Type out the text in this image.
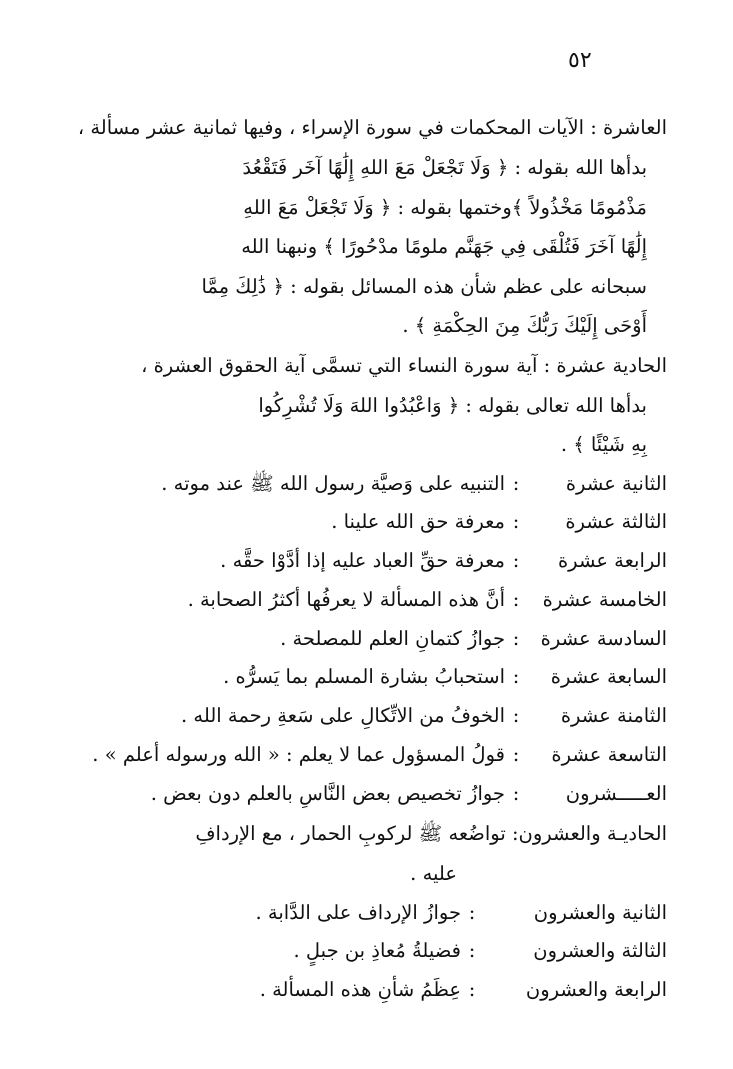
٥٢
العاشرة : الآيات المحكمات في سورة الإسراء ، وفيها ثمانية عشر مسألة ،
بدأها الله بقوله : ﴿ وَلَا تَجْعَلْ مَعَ اللهِ إِلَٰهًا آخَر فَتَقْعُدَ
مَذْمُومًا مَخْذُولاً ﴾وختمها بقوله : ﴿ وَلَا تَجْعَلْ مَعَ اللهِ
إِلَٰهًا آخَرَ فَتُلْقَى فِي جَهَنَّم ملومًا مدْحُورًا ﴾ ونبهنا الله
سبحانه على عظم شأن هذه المسائل بقوله : ﴿ ذَٰلِكَ مِمَّا
أَوْحَى إِلَيْكَ رَبُّكَ مِنَ الحِكْمَةِ ﴾ .
الحادية عشرة : آية سورة النساء التي تسمَّى آية الحقوق العشرة ،
بدأها الله تعالى بقوله : ﴿ وَاعْبُدُوا اللهَ وَلَا تُشْرِكُوا
بِهِ شَيْئًا ﴾ .
الثانية عشرة
:
التنبيه على وَصيَّة رسول الله ﷺ عند موته .
الثالثة عشرة
:
معرفة حق الله علينا .
الرابعة عشرة
:
معرفة حقِّ العباد عليه إذا أدَّوْا حقَّه .
الخامسة عشرة
:
أنَّ هذه المسألة لا يعرفُها أكثرُ الصحابة .
السادسة عشرة
:
جوازُ كتمانِ العلم للمصلحة .
السابعة عشرة
:
استحبابُ بشارة المسلم بما يَسرُّه .
الثامنة عشرة
:
الخوفُ من الاتِّكالِ على سَعةِ رحمة الله .
التاسعة عشرة
:
قولُ المسؤول عما لا يعلم : « الله ورسوله أعلم » .
العـــــشرون
:
جوازُ تخصيص بعض النَّاسِ بالعلم دون بعض .
الحاديـة والعشرون: تواضُعه ﷺ لركوبِ الحمار ، مع الإردافِ
عليه .
الثانية والعشرون
:
جوازُ الإرداف على الدَّابة .
الثالثة والعشرون
:
فضيلةُ مُعاذِ بن جبلٍ .
الرابعة والعشرون
:
عِظَمُ شأنِ هذه المسألة .
